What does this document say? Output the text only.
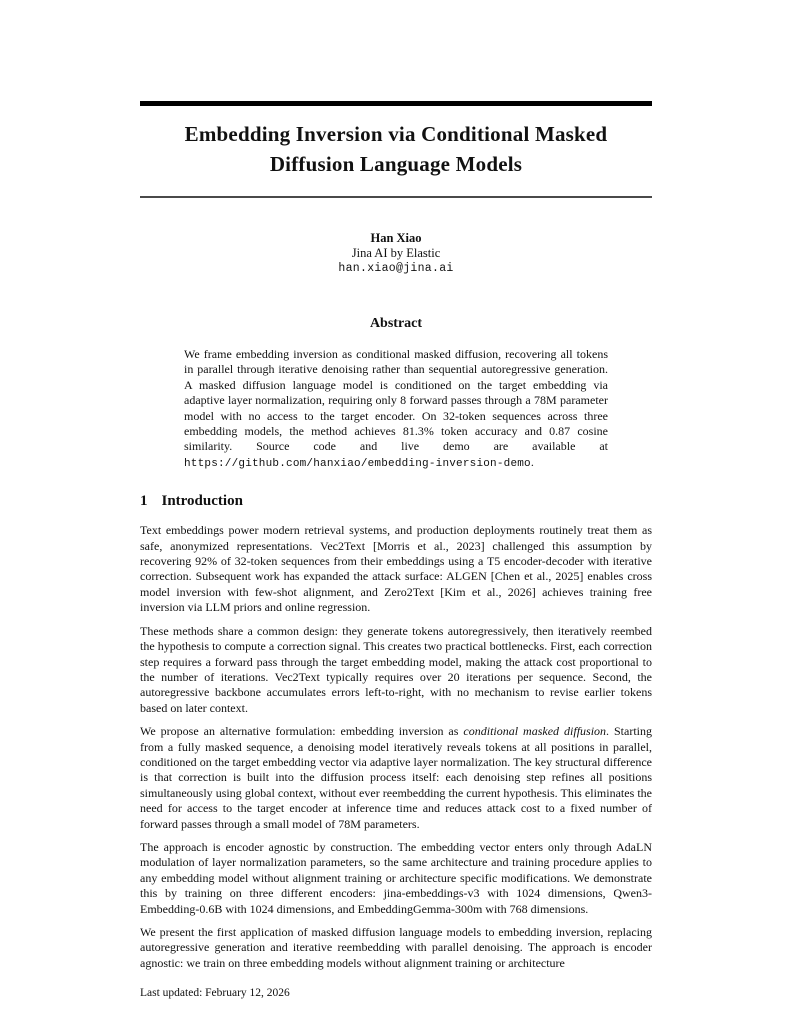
Embedding Inversion via Conditional Masked
Diffusion Language Models
Han Xiao
Jina AI by Elastic
han.xiao@jina.ai
Abstract
We frame embedding inversion as conditional masked diffusion, recovering all tokens in parallel through iterative denoising rather than sequential autoregressive generation. A masked diffusion language model is conditioned on the target embedding via adaptive layer normalization, requiring only 8 forward passes through a 78M parameter model with no access to the target encoder. On 32-token sequences across three embedding models, the method achieves 81.3% token accuracy and 0.87 cosine similarity. Source code and live demo are available at https://github.com/hanxiao/embedding-inversion-demo.
1 Introduction

Text embeddings power modern retrieval systems, and production deployments routinely treat them as safe, anonymized representations. Vec2Text [Morris et al., 2023] challenged this assumption by recovering 92% of 32-token sequences from their embeddings using a T5 encoder-decoder with iterative correction. Subsequent work has expanded the attack surface: ALGEN [Chen et al., 2025] enables cross model inversion with few-shot alignment, and Zero2Text [Kim et al., 2026] achieves training free inversion via LLM priors and online regression.

These methods share a common design: they generate tokens autoregressively, then iteratively reembed the hypothesis to compute a correction signal. This creates two practical bottlenecks. First, each correction step requires a forward pass through the target embedding model, making the attack cost proportional to the number of iterations. Vec2Text typically requires over 20 iterations per sequence. Second, the autoregressive backbone accumulates errors left-to-right, with no mechanism to revise earlier tokens based on later context.

We propose an alternative formulation: embedding inversion as conditional masked diffusion. Starting from a fully masked sequence, a denoising model iteratively reveals tokens at all positions in parallel, conditioned on the target embedding vector via adaptive layer normalization. The key structural difference is that correction is built into the diffusion process itself: each denoising step refines all positions simultaneously using global context, without ever reembedding the current hypothesis. This eliminates the need for access to the target encoder at inference time and reduces attack cost to a fixed number of forward passes through a small model of 78M parameters.

The approach is encoder agnostic by construction. The embedding vector enters only through AdaLN modulation of layer normalization parameters, so the same architecture and training procedure applies to any embedding model without alignment training or architecture specific modifications. We demonstrate this by training on three different encoders: jina-embeddings-v3 with 1024 dimensions, Qwen3-Embedding-0.6B with 1024 dimensions, and EmbeddingGemma-300m with 768 dimensions.

We present the first application of masked diffusion language models to embedding inversion, replacing autoregressive generation and iterative reembedding with parallel denoising. The approach is encoder agnostic: we train on three embedding models without alignment training or architecture

Last updated: February 12, 2026
